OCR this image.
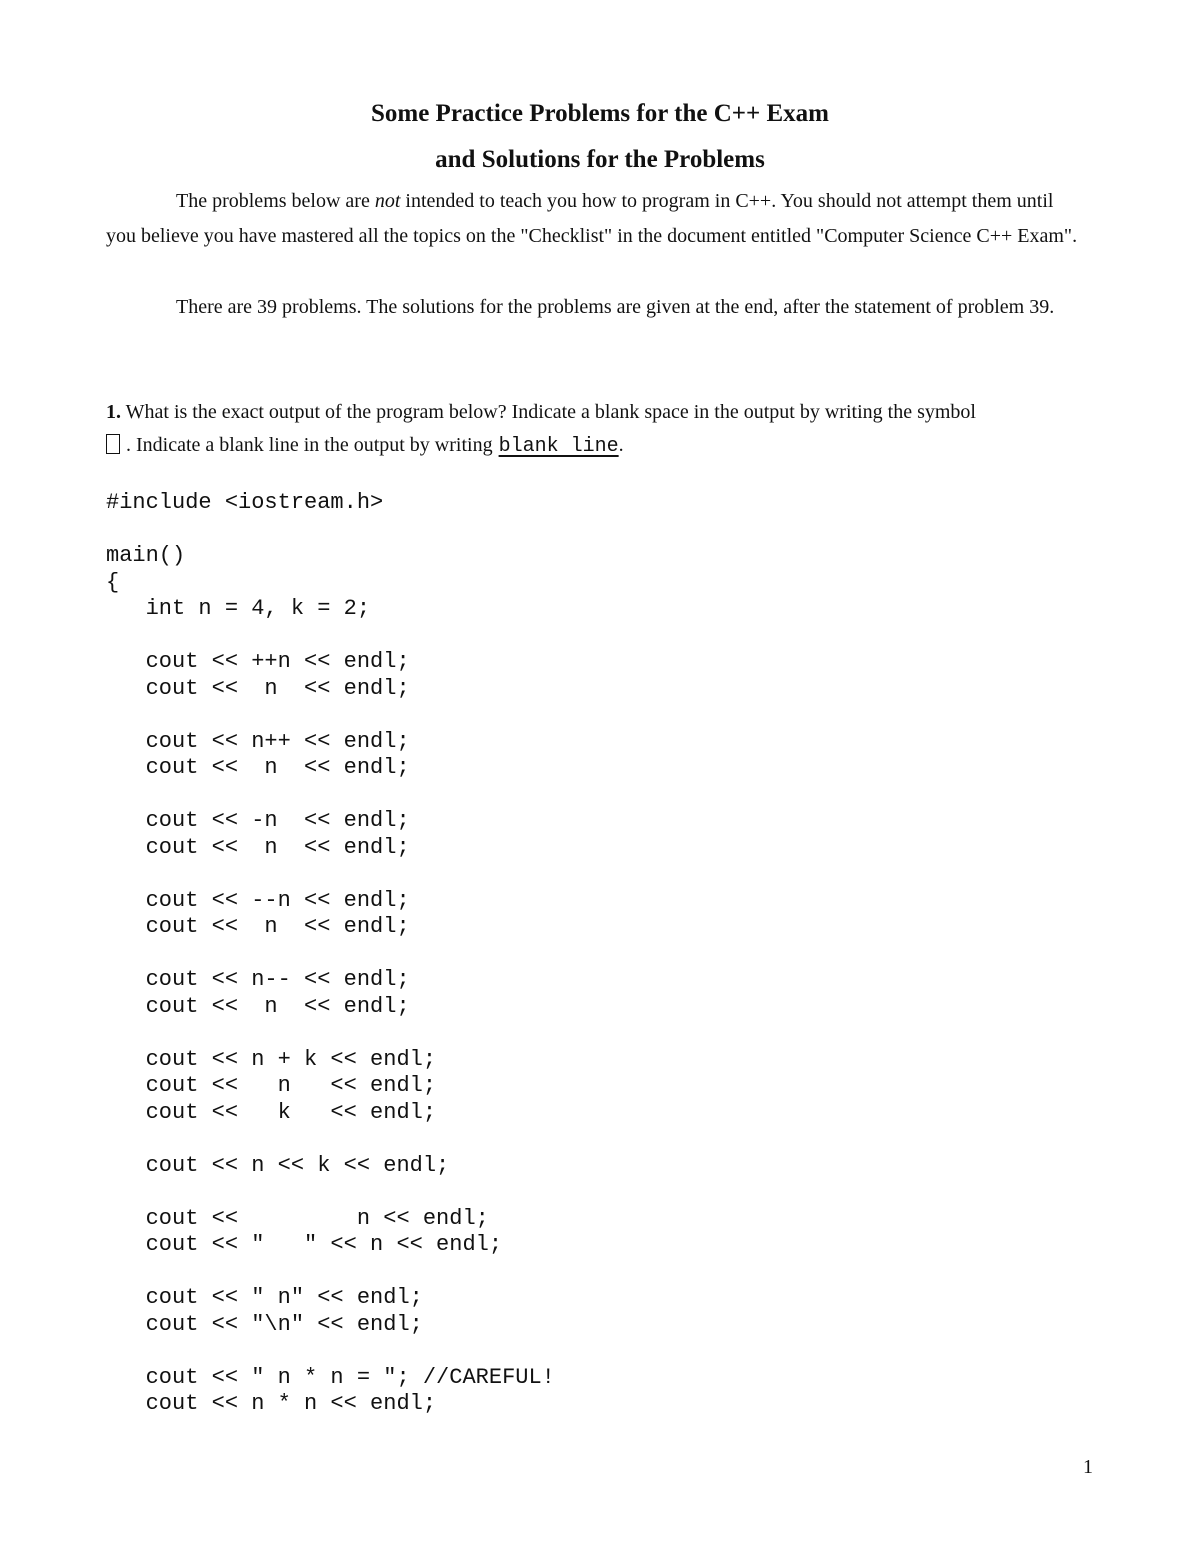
Some Practice Problems for the C++ Exam
and Solutions for the Problems
The problems below are not intended to teach you how to program in C++. You should not attempt them until you believe you have mastered all the topics on the "Checklist" in the document entitled "Computer Science C++ Exam".
There are 39 problems. The solutions for the problems are given at the end, after the statement of problem 39.
1. What is the exact output of the program below? Indicate a blank space in the output by writing the symbol
. Indicate a blank line in the output by writing blank line.
#include <iostream.h>
main()
{
int n = 4, k = 2;
cout << ++n << endl;
cout <<  n  << endl;
cout << n++ << endl;
cout <<  n  << endl;
cout << -n  << endl;
cout <<  n  << endl;
cout << --n << endl;
cout <<  n  << endl;
cout << n-- << endl;
cout <<  n  << endl;
cout << n + k << endl;
cout <<   n   << endl;
cout <<   k   << endl;
cout << n << k << endl;
cout <<         n << endl;
cout << "   " << n << endl;
cout << " n" << endl;
cout << "\n" << endl;
cout << " n * n = "; //CAREFUL!
cout << n * n << endl;
1
